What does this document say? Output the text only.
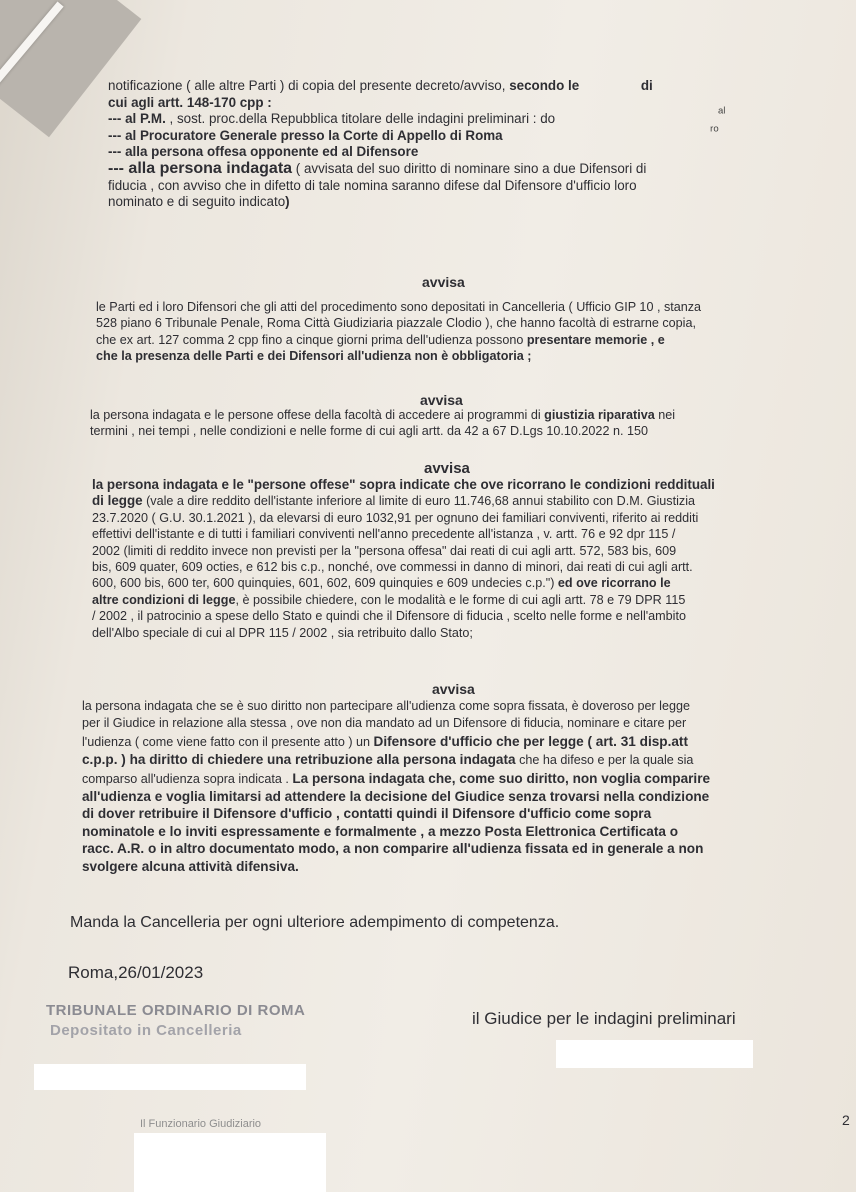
notificazione ( alle altre Parti ) di copia del presente decreto/avviso, secondo le	di
cui agli artt. 148-170 cpp :
--- al P.M. , sost. proc.della Repubblica titolare delle indagini preliminari : do
--- al Procuratore Generale presso la Corte di Appello di Roma
--- alla persona offesa opponente ed al Difensore
--- alla persona indagata ( avvisata del suo diritto di nominare sino a due Difensori di
fiducia , con avviso che in difetto di tale nomina saranno difese dal Difensore d'ufficio loro
nominato e di seguito indicato)
ᵃˡ
ʳᵒ
avvisa
le Parti ed i loro Difensori che gli atti del procedimento sono depositati in Cancelleria ( Ufficio GIP 10 , stanza
528 piano 6 Tribunale Penale, Roma Città Giudiziaria piazzale Clodio ), che hanno facoltà di estrarne copia,
che ex art. 127 comma 2 cpp fino a cinque giorni prima dell'udienza possono presentare memorie , e
che la presenza delle Parti e dei Difensori all'udienza non è obbligatoria ;
avvisa
la persona indagata e le persone offese della facoltà di accedere ai programmi di giustizia riparativa nei
termini , nei tempi , nelle condizioni e nelle forme di cui agli artt. da 42 a 67 D.Lgs 10.10.2022 n. 150
avvisa
la persona indagata e le "persone offese" sopra indicate che ove ricorrano le condizioni reddituali
di legge (vale a dire reddito dell'istante inferiore al limite di euro 11.746,68 annui stabilito con D.M. Giustizia
23.7.2020 ( G.U. 30.1.2021 ), da elevarsi di euro 1032,91 per ognuno dei familiari conviventi, riferito ai redditi
effettivi dell'istante e di tutti i familiari conviventi nell'anno precedente all'istanza , v. artt. 76 e 92 dpr 115 /
2002 (limiti di reddito invece non previsti per la "persona offesa" dai reati di cui agli artt. 572, 583 bis, 609
bis, 609 quater, 609 octies, e 612 bis c.p., nonché, ove commessi in danno di minori, dai reati di cui agli artt.
600, 600 bis, 600 ter, 600 quinquies, 601, 602, 609 quinquies e 609 undecies c.p.") ed ove ricorrano le
altre condizioni di legge, è possibile chiedere, con le modalità e le forme di cui agli artt. 78 e 79 DPR 115
/ 2002 , il patrocinio a spese dello Stato e quindi che il Difensore di fiducia , scelto nelle forme e nell'ambito
dell'Albo speciale di cui al DPR 115 / 2002 , sia retribuito dallo Stato;
avvisa
la persona indagata che se è suo diritto non partecipare all'udienza come sopra fissata, è doveroso per legge
per il Giudice in relazione alla stessa , ove non dia mandato ad un Difensore di fiducia, nominare e citare per
l'udienza ( come viene fatto con il presente atto ) un Difensore d'ufficio che per legge ( art. 31 disp.att
c.p.p. ) ha diritto di chiedere una retribuzione alla persona indagata che ha difeso e per la quale sia
comparso all'udienza sopra indicata . La persona indagata che, come suo diritto, non voglia comparire
all'udienza e voglia limitarsi ad attendere la decisione del Giudice senza trovarsi nella condizione
di dover retribuire il Difensore d'ufficio , contatti quindi il Difensore d'ufficio come sopra
nominatole e lo inviti espressamente e formalmente , a mezzo Posta Elettronica Certificata o
racc. A.R. o in altro documentato modo, a non comparire all'udienza fissata ed in generale a non
svolgere alcuna attività difensiva.
Manda la Cancelleria per ogni ulteriore adempimento di competenza.
Roma,26/01/2023
TRIBUNALE ORDINARIO DI ROMA
Depositato in Cancelleria
il Giudice per le indagini preliminari
Il Funzionario Giudiziario	2
